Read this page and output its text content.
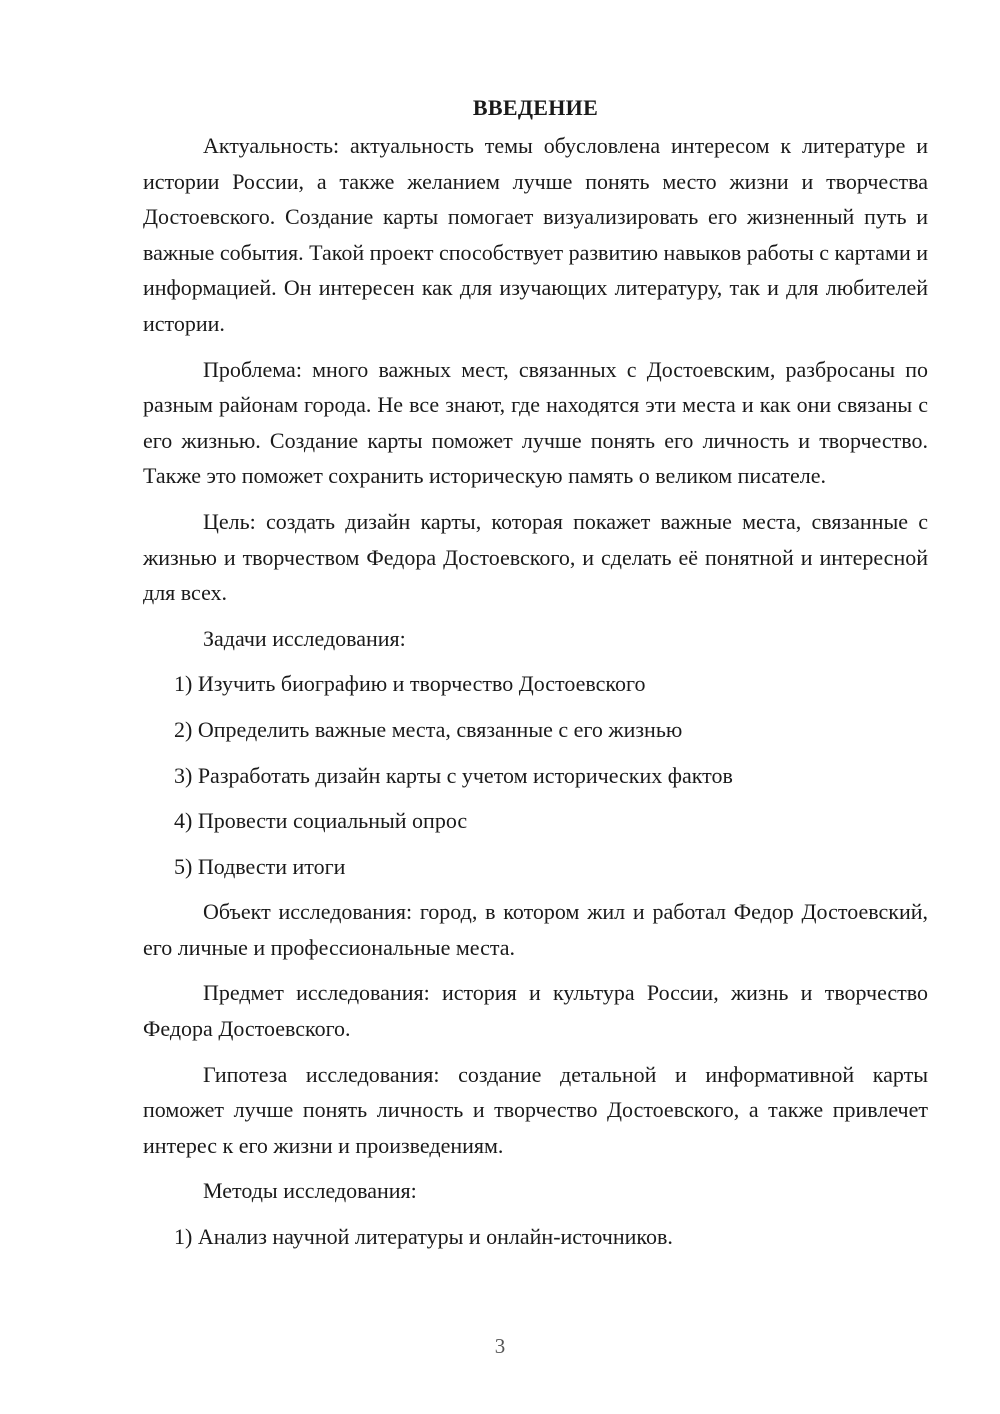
ВВЕДЕНИЕ

Актуальность: актуальность темы обусловлена интересом к литературе и истории России, а также желанием лучше понять место жизни и творчества Достоевского. Создание карты помогает визуализировать его жизненный путь и важные события. Такой проект способствует развитию навыков работы с картами и информацией. Он интересен как для изучающих литературу, так и для любителей истории.

Проблема: много важных мест, связанных с Достоевским, разбросаны по разным районам города. Не все знают, где находятся эти места и как они связаны с его жизнью. Создание карты поможет лучше понять его личность и творчество. Также это поможет сохранить историческую память о великом писателе.

Цель: создать дизайн карты, которая покажет важные места, связанные с жизнью и творчеством Федора Достоевского, и сделать её понятной и интересной для всех.

Задачи исследования:
1) Изучить биографию и творчество Достоевского
2) Определить важные места, связанные с его жизнью
3) Разработать дизайн карты с учетом исторических фактов
4) Провести социальный опрос
5) Подвести итоги

Объект исследования: город, в котором жил и работал Федор Достоевский, его личные и профессиональные места.

Предмет исследования: история и культура России, жизнь и творчество Федора Достоевского.

Гипотеза исследования: создание детальной и информативной карты поможет лучше понять личность и творчество Достоевского, а также привлечет интерес к его жизни и произведениям.

Методы исследования:
1) Анализ научной литературы и онлайн-источников.
3
